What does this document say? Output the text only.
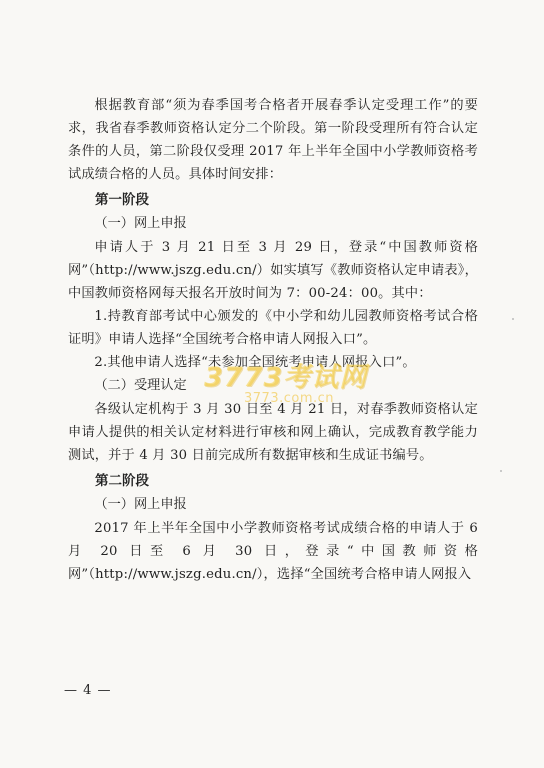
根据教育部“须为春季国考合格者开展春季认定受理工作”的要求，我省春季教师资格认定分二个阶段。第一阶段受理所有符合认定条件的人员，第二阶段仅受理 2017 年上半年全国中小学教师资格考试成绩合格的人员。具体时间安排：

第一阶段

（一）网上申报

申请人于 3 月 21 日至 3 月 29 日，登录“中国教师资格网”（http://www.jszg.edu.cn/）如实填写《教师资格认定申请表》，中国教师资格网每天报名开放时间为 7：00-24：00。其中：

1.持教育部考试中心颁发的《中小学和幼儿园教师资格考试合格证明》申请人选择“全国统考合格申请人网报入口”。

2.其他申请人选择“未参加全国统考申请人网报入口”。

（二）受理认定

各级认定机构于 3 月 30 日至 4 月 21 日，对春季教师资格认定申请人提供的相关认定材料进行审核和网上确认，完成教育教学能力测试，并于 4 月 30 日前完成所有数据审核和生成证书编号。

第二阶段

（一）网上申报

2017 年上半年全国中小学教师资格考试成绩合格的申请人于 6 月 20 日至 6 月 30 日，登录“中国教师资格网”（http://www.jszg.edu.cn/），选择“全国统考合格申请人网报入

3773考试网
3773.com.cn
— 4 —
